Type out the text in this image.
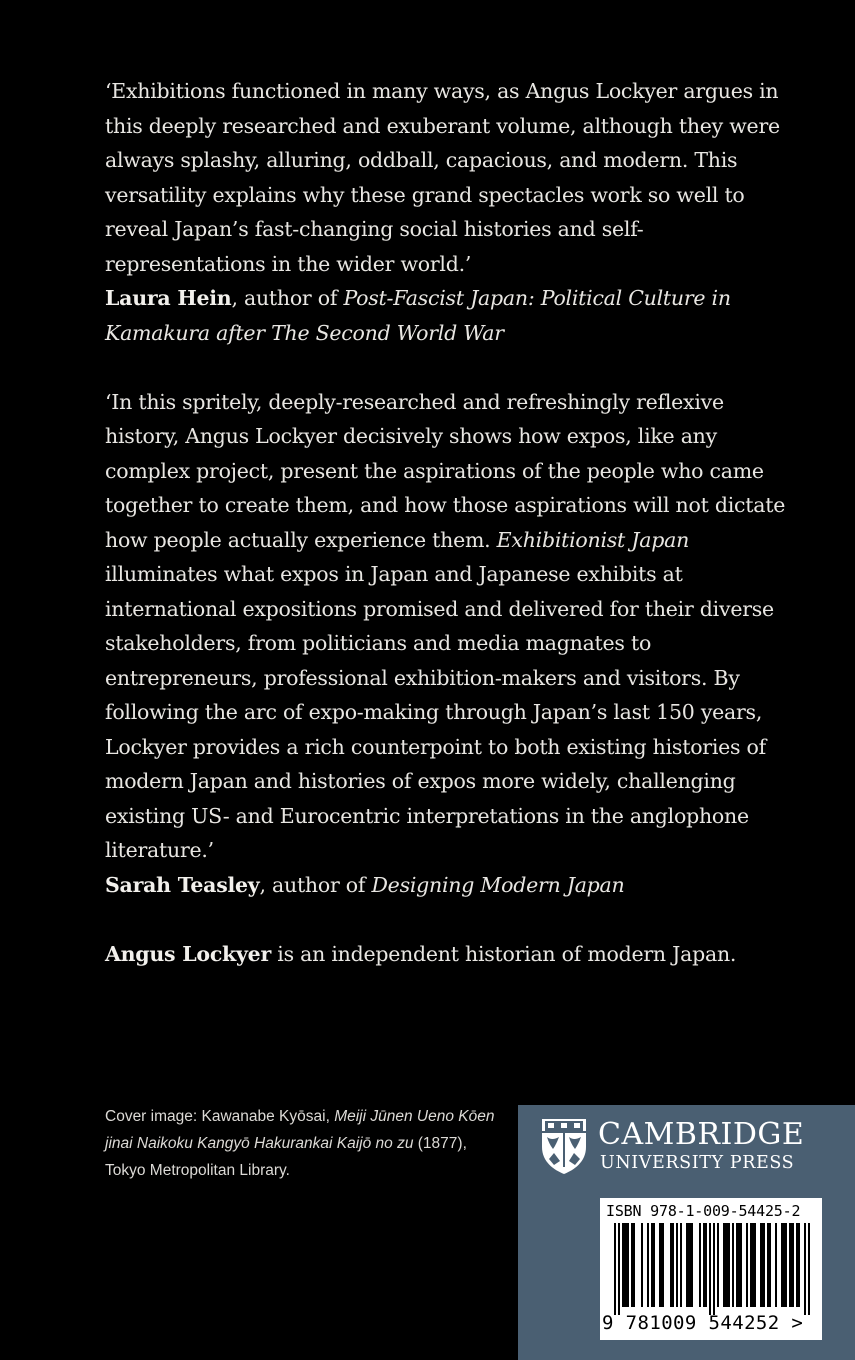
‘Exhibitions functioned in many ways, as Angus Lockyer argues in this deeply researched and exuberant volume, although they were always splashy, alluring, oddball, capacious, and modern. This versatility explains why these grand spectacles work so well to reveal Japan’s fast-changing social histories and self-representations in the wider world.’

Laura Hein, author of Post-Fascist Japan: Political Culture in Kamakura after The Second World War

‘In this spritely, deeply-researched and refreshingly reflexive history, Angus Lockyer decisively shows how expos, like any complex project, present the aspirations of the people who came together to create them, and how those aspirations will not dictate how people actually experience them. Exhibitionist Japan illuminates what expos in Japan and Japanese exhibits at international expositions promised and delivered for their diverse stakeholders, from politicians and media magnates to entrepreneurs, professional exhibition-makers and visitors. By following the arc of expo-making through Japan’s last 150 years, Lockyer provides a rich counterpoint to both existing histories of modern Japan and histories of expos more widely, challenging existing US- and Eurocentric interpretations in the anglophone literature.’

Sarah Teasley, author of Designing Modern Japan

Angus Lockyer is an independent historian of modern Japan.

Cover image: Kawanabe Kyōsai, Meiji Jūnen Ueno Kōen jinai Naikoku Kangyō Hakurankai Kaijō no zu (1877), Tokyo Metropolitan Library.
CAMBRIDGE
UNIVERSITY PRESS
ISBN 978-1-009-54425-2
9 781009 544252 >
